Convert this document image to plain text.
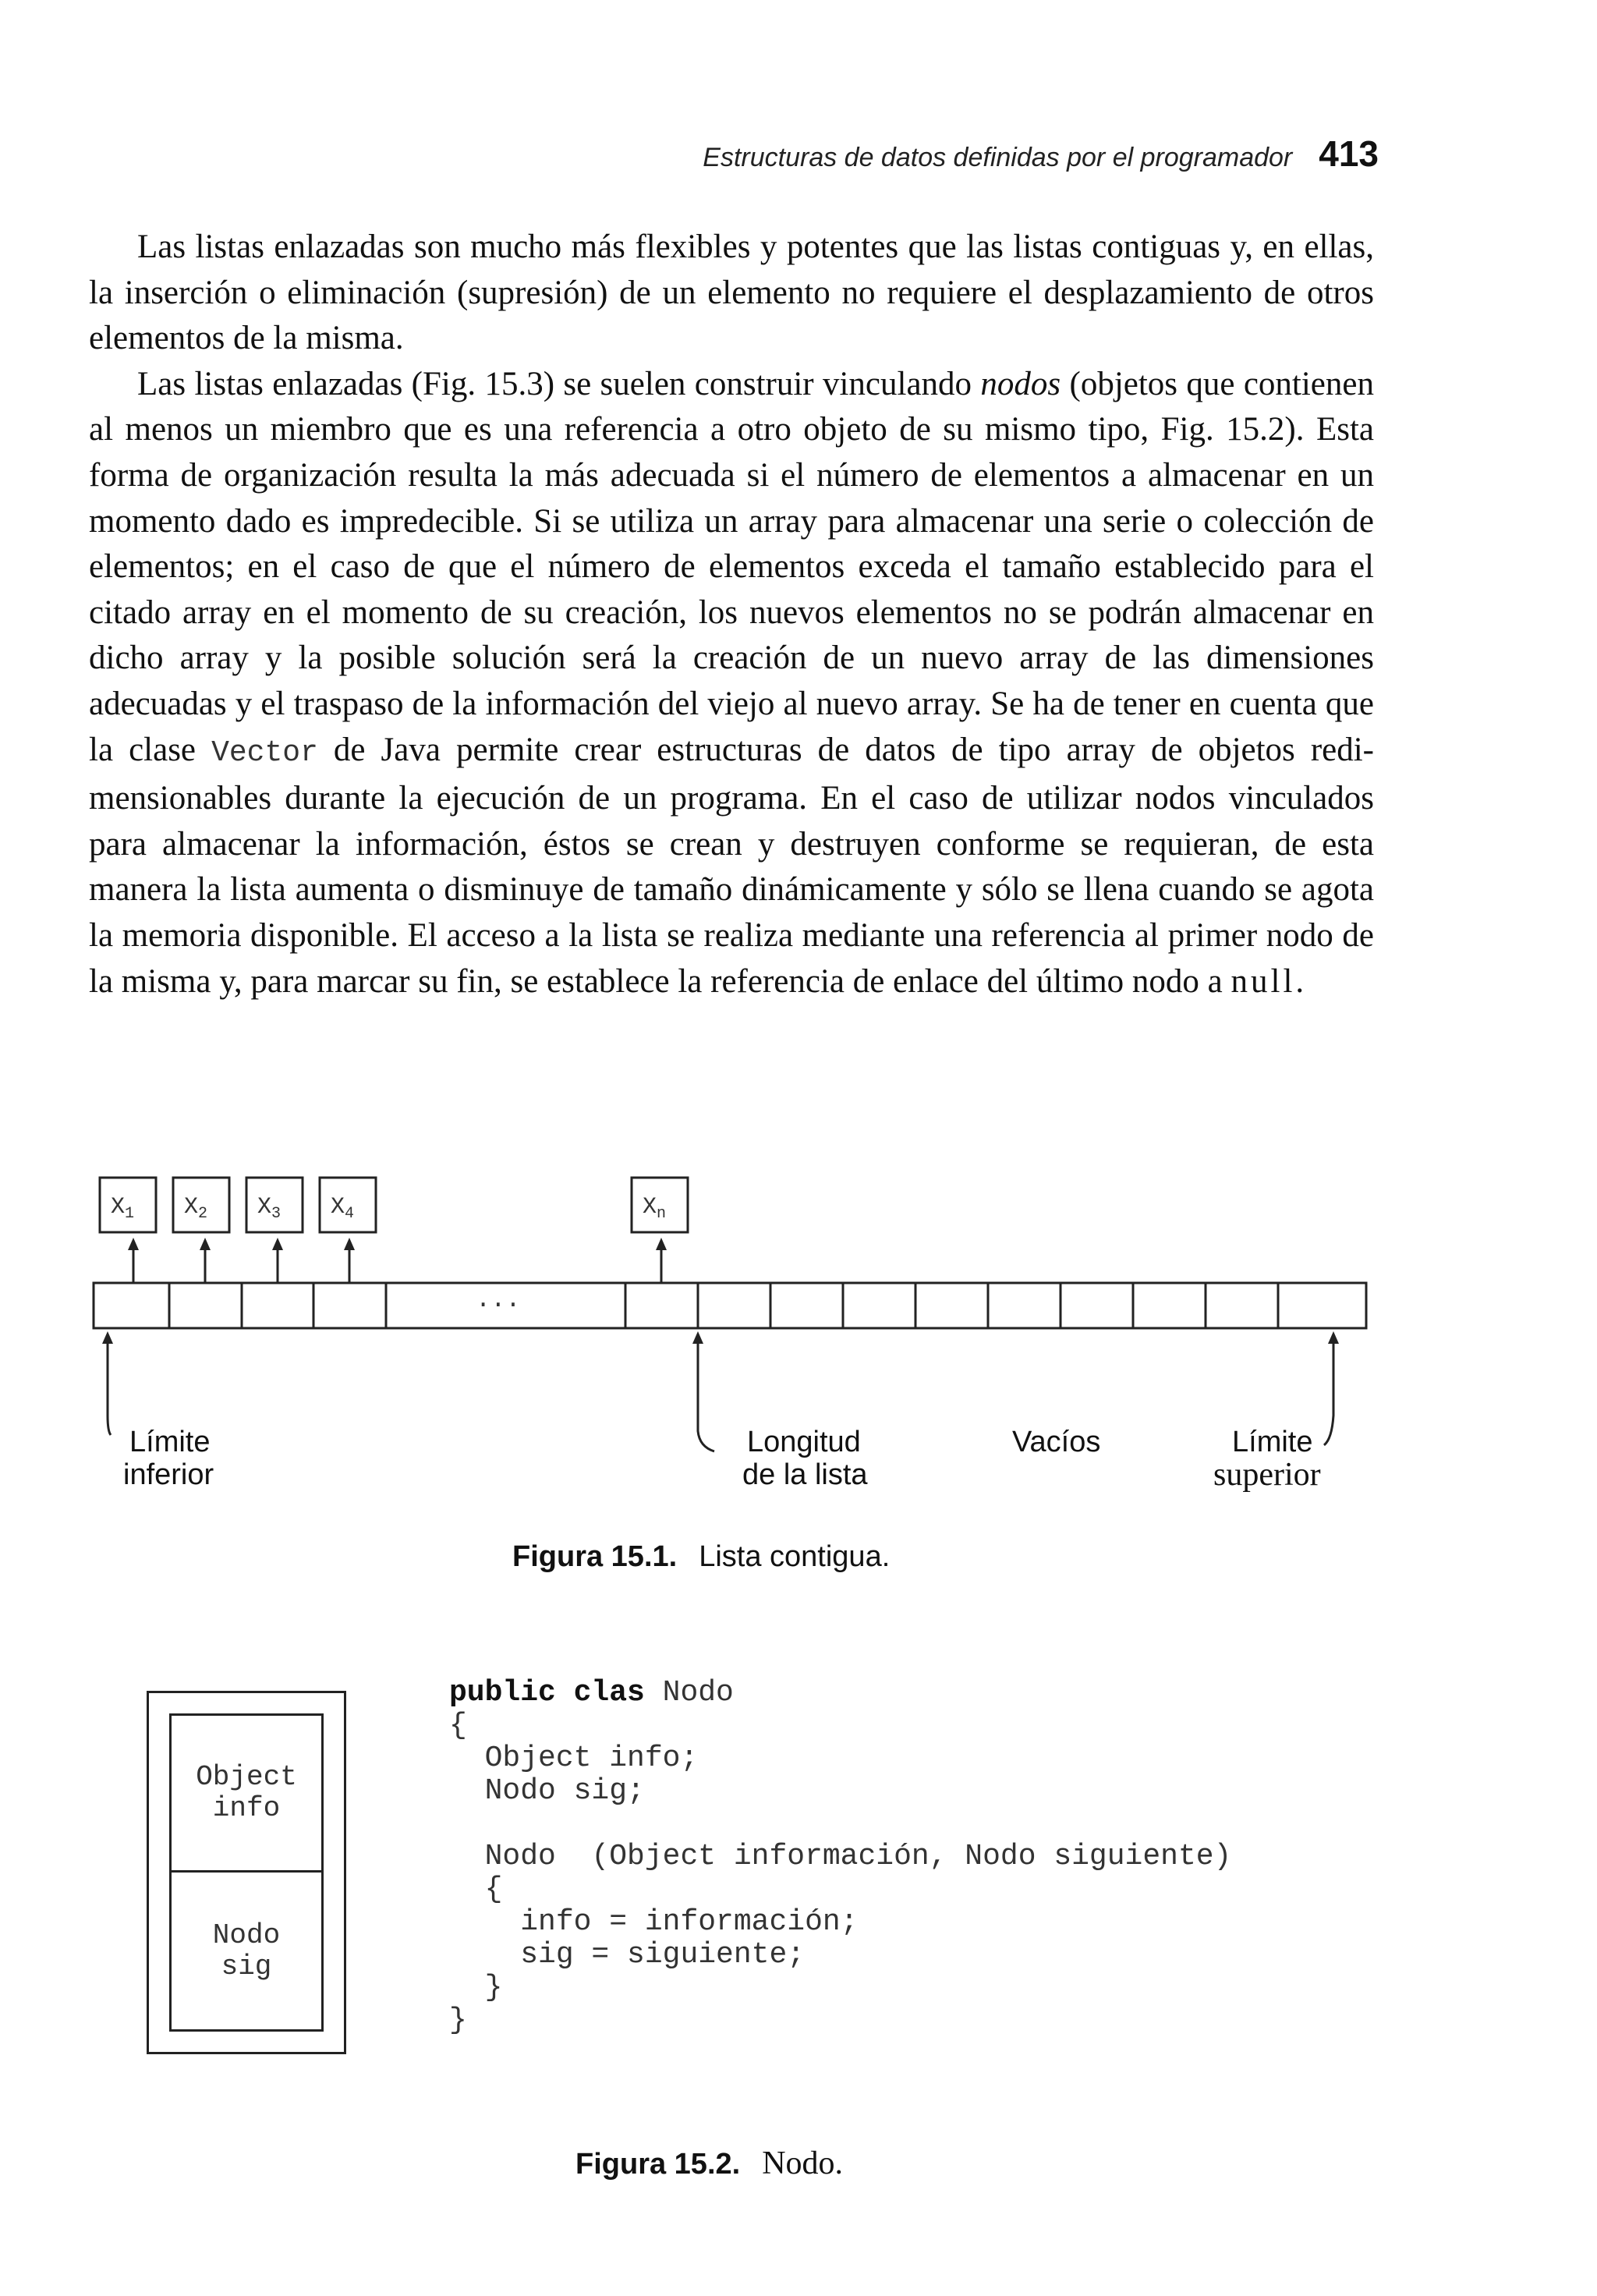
Estructuras de datos definidas por el programador 413

Las listas enlazadas son mucho más flexibles y potentes que las listas contiguas y, en ellas, la inserción o eliminación (supresión) de un elemento no requiere el desplazamiento de otros elementos de la misma.

Las listas enlazadas (Fig. 15.3) se suelen construir vinculando nodos (objetos que contienen al menos un miembro que es una referencia a otro objeto de su mismo tipo, Fig. 15.2). Esta forma de organización resulta la más adecuada si el número de elementos a almacenar en un momento dado es impredecible. Si se utiliza un array para almacenar una serie o colección de elementos; en el caso de que el número de elementos exceda el tamaño establecido para el citado array en el momento de su creación, los nuevos elementos no se podrán almacenar en dicho array y la posible solución será la creación de un nuevo array de las dimensiones adecuadas y el traspaso de la información del viejo al nuevo array. Se ha de tener en cuenta que la clase Vector de Java permite crear estructuras de datos de tipo array de objetos redimensionables durante la ejecución de un programa. En el caso de utilizar nodos vinculados para almacenar la información, éstos se crean y destruyen conforme se requieran, de esta manera la lista aumenta o disminuye de tamaño dinámicamente y sólo se llena cuando se agota la memoria disponible. El acceso a la lista se realiza mediante una referencia al primer nodo de la misma y, para marcar su fin, se establece la referencia de enlace del último nodo a null.

$X_1$ $X_2$ $X_3$ $X_4$	$X_n$
...
Límite
inferior
Longitud
de la lista
Vacíos	Límite
superior
Figura 15.1. Lista contigua.
Object
info
Nodo
sig
public clas Nodo
{
Object info;
Nodo sig;

Nodo  (Object información, Nodo siguiente)
{
info = información;
sig = siguiente;
}
}
Figura 15.2. Nodo.
